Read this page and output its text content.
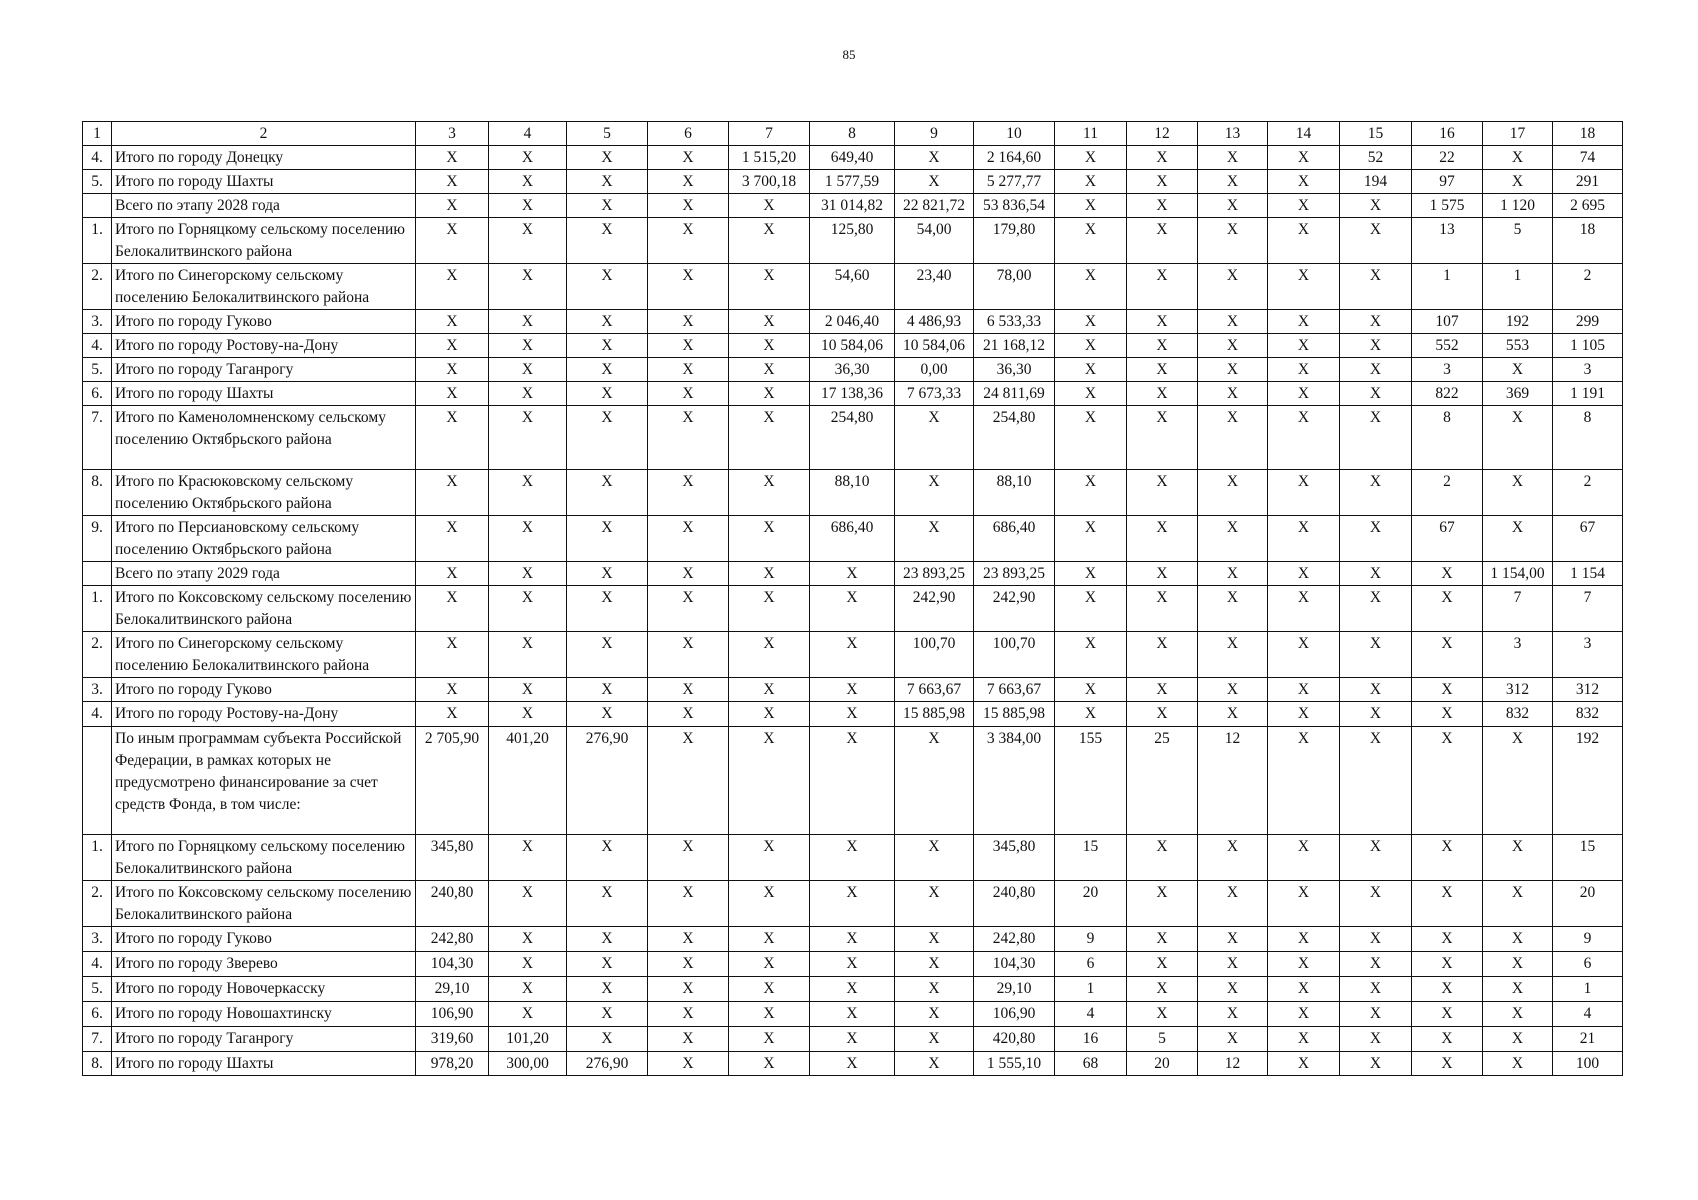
85
1	2	3	4	5	6	7	8	9	10	11	12	13	14	15	16	17	18
4.	Итого по городу Донецку	X	X	X	X	1 515,20	649,40	X	2 164,60	X	X	X	X	52	22	X	74
5.	Итого по городу Шахты	X	X	X	X	3 700,18	1 577,59	X	5 277,77	X	X	X	X	194	97	X	291
	Всего по этапу 2028 года	X	X	X	X	X	31 014,82	22 821,72	53 836,54	X	X	X	X	X	1 575	1 120	2 695
1.	Итого по Горняцкому сельскому поселению Белокалитвинского района	X	X	X	X	X	125,80	54,00	179,80	X	X	X	X	X	13	5	18
2.	Итого по Синегорскому сельскому поселению Белокалитвинского района	X	X	X	X	X	54,60	23,40	78,00	X	X	X	X	X	1	1	2
3.	Итого по городу Гуково	X	X	X	X	X	2 046,40	4 486,93	6 533,33	X	X	X	X	X	107	192	299
4.	Итого по городу Ростову-на-Дону	X	X	X	X	X	10 584,06	10 584,06	21 168,12	X	X	X	X	X	552	553	1 105
5.	Итого по городу Таганрогу	X	X	X	X	X	36,30	0,00	36,30	X	X	X	X	X	3	X	3
6.	Итого по городу Шахты	X	X	X	X	X	17 138,36	7 673,33	24 811,69	X	X	X	X	X	822	369	1 191
7.	Итого по Каменоломненскому сельскому поселению Октябрьского района	X	X	X	X	X	254,80	X	254,80	X	X	X	X	X	8	X	8
8.	Итого по Красюковскому сельскому поселению Октябрьского района	X	X	X	X	X	88,10	X	88,10	X	X	X	X	X	2	X	2
9.	Итого по Персиановскому сельскому поселению Октябрьского района	X	X	X	X	X	686,40	X	686,40	X	X	X	X	X	67	X	67
	Всего по этапу 2029 года	X	X	X	X	X	X	23 893,25	23 893,25	X	X	X	X	X	X	1 154,00	1 154
1.	Итого по Коксовскому сельскому поселению Белокалитвинского района	X	X	X	X	X	X	242,90	242,90	X	X	X	X	X	X	7	7
2.	Итого по Синегорскому сельскому поселению Белокалитвинского района	X	X	X	X	X	X	100,70	100,70	X	X	X	X	X	X	3	3
3.	Итого по городу Гуково	X	X	X	X	X	X	7 663,67	7 663,67	X	X	X	X	X	X	312	312
4.	Итого по городу Ростову-на-Дону	X	X	X	X	X	X	15 885,98	15 885,98	X	X	X	X	X	X	832	832
	По иным программам субъекта Российской Федерации, в рамках которых не предусмотрено финансирование за счет средств Фонда, в том числе:	2 705,90	401,20	276,90	X	X	X	X	3 384,00	155	25	12	X	X	X	X	192
1.	Итого по Горняцкому сельскому поселению Белокалитвинского района	345,80	X	X	X	X	X	X	345,80	15	X	X	X	X	X	X	15
2.	Итого по Коксовскому сельскому поселению Белокалитвинского района	240,80	X	X	X	X	X	X	240,80	20	X	X	X	X	X	X	20
3.	Итого по городу Гуково	242,80	X	X	X	X	X	X	242,80	9	X	X	X	X	X	X	9
4.	Итого по городу Зверево	104,30	X	X	X	X	X	X	104,30	6	X	X	X	X	X	X	6
5.	Итого по городу Новочеркасску	29,10	X	X	X	X	X	X	29,10	1	X	X	X	X	X	X	1
6.	Итого по городу Новошахтинску	106,90	X	X	X	X	X	X	106,90	4	X	X	X	X	X	X	4
7.	Итого по городу Таганрогу	319,60	101,20	X	X	X	X	X	420,80	16	5	X	X	X	X	X	21
8.	Итого по городу Шахты	978,20	300,00	276,90	X	X	X	X	1 555,10	68	20	12	X	X	X	X	100
